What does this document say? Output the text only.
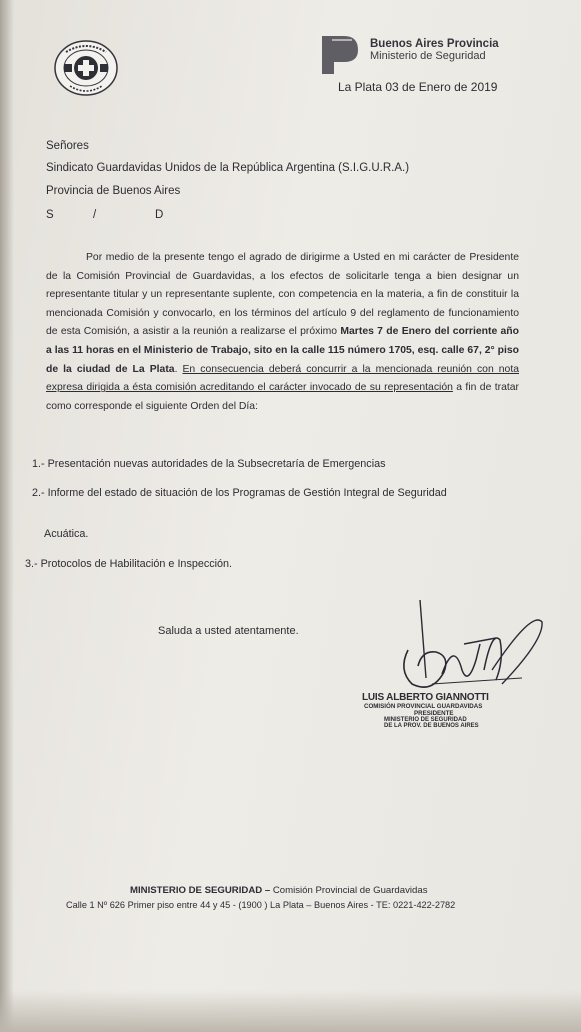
Buenos Aires Provincia
Ministerio de Seguridad
La Plata 03 de Enero de 2019
Señores
Sindicato Guardavidas Unidos de la República Argentina (S.I.G.U.R.A.)
Provincia de Buenos Aires
S	/	D

Por medio de la presente tengo el agrado de dirigirme a Usted en mi carácter de Presidente de la Comisión Provincial de Guardavidas, a los efectos de solicitarle tenga a bien designar un representante titular y un representante suplente, con competencia en la materia, a fin de constituir la mencionada Comisión y convocarlo, en los términos del artículo 9 del reglamento de funcionamiento de esta Comisión, a asistir a la reunión a realizarse el próximo Martes 7 de Enero del corriente año a las 11 horas en el Ministerio de Trabajo, sito en la calle 115 número 1705, esq. calle 67, 2° piso de la ciudad de La Plata. En consecuencia deberá concurrir a la mencionada reunión con nota expresa dirigida a ésta comisión acreditando el carácter invocado de su representación a fin de tratar como corresponde el siguiente Orden del Día:

1.- Presentación nuevas autoridades de la Subsecretaría de Emergencias
2.- Informe del estado de situación de los Programas de Gestión Integral de Seguridad
Acuática.
3.- Protocolos de Habilitación e Inspección.
Saluda a usted atentamente.
LUIS ALBERTO GIANNOTTI
COMISIÓN PROVINCIAL GUARDAVIDAS
PRESIDENTE
MINISTERIO DE SEGURIDAD
DE LA PROV. DE BUENOS AIRES
MINISTERIO DE SEGURIDAD – Comisión Provincial de Guardavidas
Calle 1 Nº 626 Primer piso entre 44 y 45 - (1900 ) La Plata – Buenos Aires - TE: 0221-422-2782
